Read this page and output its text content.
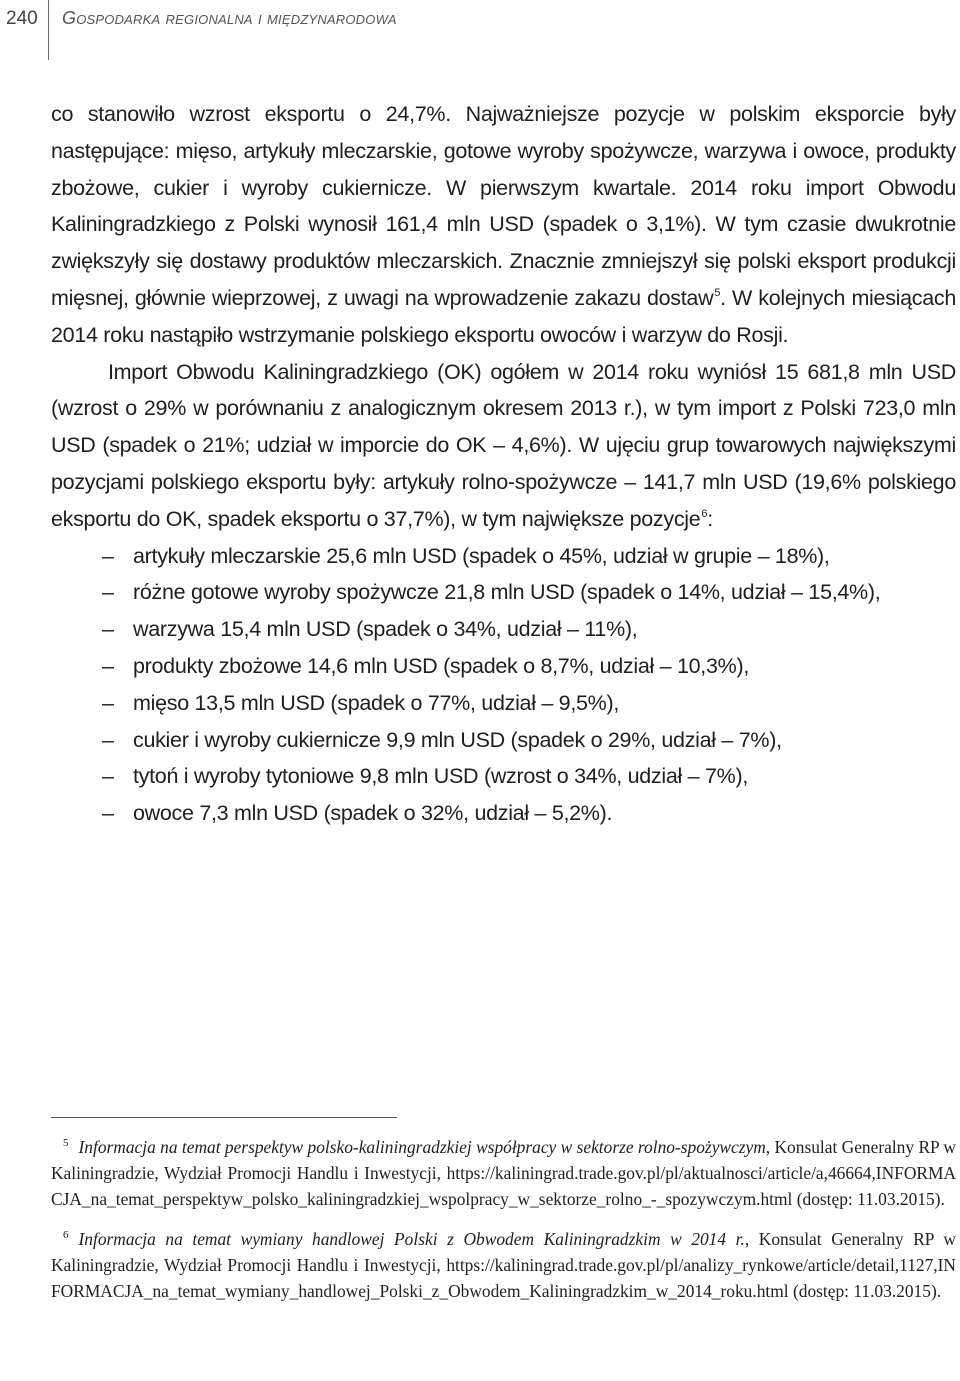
240 Gospodarka regionalna i międzynarodowa

co stanowiło wzrost eksportu o 24,7%. Najważniejsze pozycje w polskim eksporcie były następujące: mięso, artykuły mleczarskie, gotowe wyroby spożywcze, warzywa i owoce, produkty zbożowe, cukier i wyroby cukiernicze. W pierwszym kwartale. 2014 roku import Obwodu Kaliningradzkiego z Polski wynosił 161,4 mln USD (spadek o 3,1%). W tym czasie dwukrotnie zwiększyły się dostawy produktów mleczarskich. Znacznie zmniejszył się polski eksport produkcji mięsnej, głównie wieprzowej, z uwagi na wprowadzenie zakazu dostaw$^5$. W kolejnych miesiącach 2014 roku nastąpiło wstrzymanie polskiego eksportu owoców i warzyw do Rosji.

Import Obwodu Kaliningradzkiego (OK) ogółem w 2014 roku wyniósł 15 681,8 mln USD (wzrost o 29% w porównaniu z analogicznym okresem 2013 r.), w tym import z Polski 723,0 mln USD (spadek o 21%; udział w imporcie do OK – 4,6%). W ujęciu grup towarowych największymi pozycjami polskiego eksportu były: artykuły rolno-spożywcze – 141,7 mln USD (19,6% polskiego eksportu do OK, spadek eksportu o 37,7%), w tym największe pozycje$^6$:

– artykuły mleczarskie 25,6 mln USD (spadek o 45%, udział w grupie – 18%),
– różne gotowe wyroby spożywcze 21,8 mln USD (spadek o 14%, udział – 15,4%),
– warzywa 15,4 mln USD (spadek o 34%, udział – 11%),
– produkty zbożowe 14,6 mln USD (spadek o 8,7%, udział – 10,3%),
– mięso 13,5 mln USD (spadek o 77%, udział – 9,5%),
– cukier i wyroby cukiernicze 9,9 mln USD (spadek o 29%, udział – 7%),
– tytoń i wyroby tytoniowe 9,8 mln USD (wzrost o 34%, udział – 7%),
– owoce 7,3 mln USD (spadek o 32%, udział – 5,2%).

$^5$ Informacja na temat perspektyw polsko-kaliningradzkiej współpracy w sektorze rolno-spożywczym, Konsulat Generalny RP w Kaliningradzie, Wydział Promocji Handlu i Inwestycji, https://kaliningrad.trade.gov.pl/pl/aktualnosci/article/a,46664,INFORMACJA_na_temat_perspektyw_polsko_kaliningradzkiej_wspolpracy_w_sektorze_rolno_-_spozywczym.html (dostęp: 11.03.2015).

$^6$ Informacja na temat wymiany handlowej Polski z Obwodem Kaliningradzkim w 2014 r., Konsulat Generalny RP w Kaliningradzie, Wydział Promocji Handlu i Inwestycji, https://kaliningrad.trade.gov.pl/pl/analizy_rynkowe/article/detail,1127,INFORMACJA_na_temat_wymiany_handlowej_Polski_z_Obwodem_Kaliningradzkim_w_2014_roku.html (dostęp: 11.03.2015).
